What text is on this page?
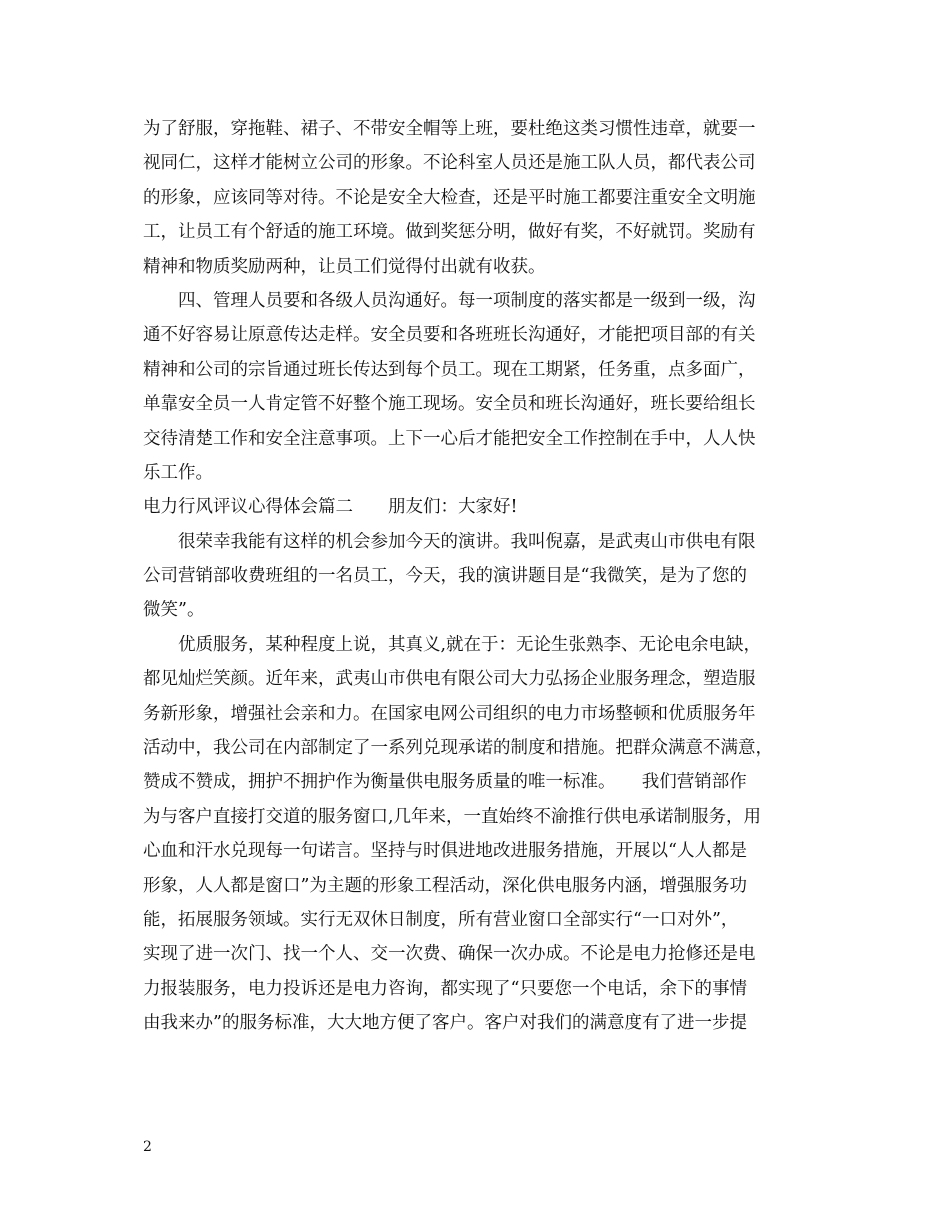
为了舒服，穿拖鞋、裙子、不带安全帽等上班，要杜绝这类习惯性违章，就要一
视同仁，这样才能树立公司的形象。不论科室人员还是施工队人员，都代表公司
的形象，应该同等对待。不论是安全大检查，还是平时施工都要注重安全文明施
工，让员工有个舒适的施工环境。做到奖惩分明，做好有奖，不好就罚。奖励有
精神和物质奖励两种，让员工们觉得付出就有收获。
　　四、管理人员要和各级人员沟通好。每一项制度的落实都是一级到一级，沟
通不好容易让原意传达走样。安全员要和各班班长沟通好，才能把项目部的有关
精神和公司的宗旨通过班长传达到每个员工。现在工期紧，任务重，点多面广，
单靠安全员一人肯定管不好整个施工现场。安全员和班长沟通好，班长要给组长
交待清楚工作和安全注意事项。上下一心后才能把安全工作控制在手中，人人快
乐工作。
电力行风评议心得体会篇二　　朋友们：大家好!
　　很荣幸我能有这样的机会参加今天的演讲。我叫倪嘉，是武夷山市供电有限
公司营销部收费班组的一名员工，今天，我的演讲题目是“我微笑，是为了您的
微笑”。
　　优质服务，某种程度上说，其真义,就在于：无论生张熟李、无论电余电缺，
都见灿烂笑颜。近年来，武夷山市供电有限公司大力弘扬企业服务理念，塑造服
务新形象，增强社会亲和力。在国家电网公司组织的电力市场整顿和优质服务年
活动中，我公司在内部制定了一系列兑现承诺的制度和措施。把群众满意不满意，
赞成不赞成，拥护不拥护作为衡量供电服务质量的唯一标准。　　我们营销部作
为与客户直接打交道的服务窗口,几年来，一直始终不渝推行供电承诺制服务，用
心血和汗水兑现每一句诺言。坚持与时俱进地改进服务措施，开展以“人人都是
形象，人人都是窗口”为主题的形象工程活动，深化供电服务内涵，增强服务功
能，拓展服务领域。实行无双休日制度，所有营业窗口全部实行“一口对外”，
实现了进一次门、找一个人、交一次费、确保一次办成。不论是电力抢修还是电
力报装服务，电力投诉还是电力咨询，都实现了“只要您一个电话，余下的事情
由我来办”的服务标准，大大地方便了客户。客户对我们的满意度有了进一步提
2
